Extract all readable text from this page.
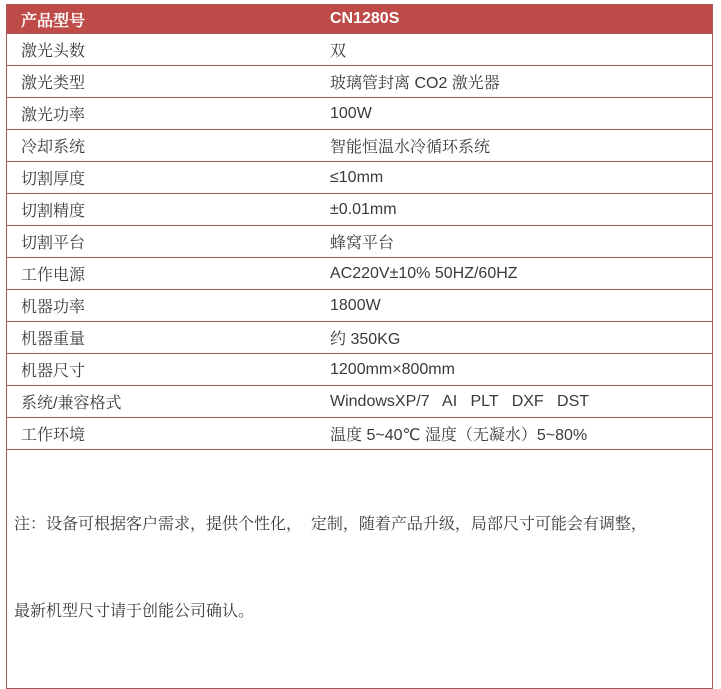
产品型号	CN1280S
激光头数	双
激光类型	玻璃管封离 CO2 激光器
激光功率	100W
冷却系统	智能恒温水冷循环系统
切割厚度	≤10mm
切割精度	±0.01mm
切割平台	蜂窝平台
工作电源	AC220V±10% 50HZ/60HZ
机器功率	1800W
机器重量	约 350KG
机器尺寸	1200mm×800mm
系统/兼容格式	WindowsXP/7   AI   PLT   DXF   DST
工作环境	温度 5~40℃ 湿度（无凝水）5~80%

注：设备可根据客户需求，提供个性化，  定制，随着产品升级，局部尺寸可能会有调整，

最新机型尺寸请于创能公司确认。
